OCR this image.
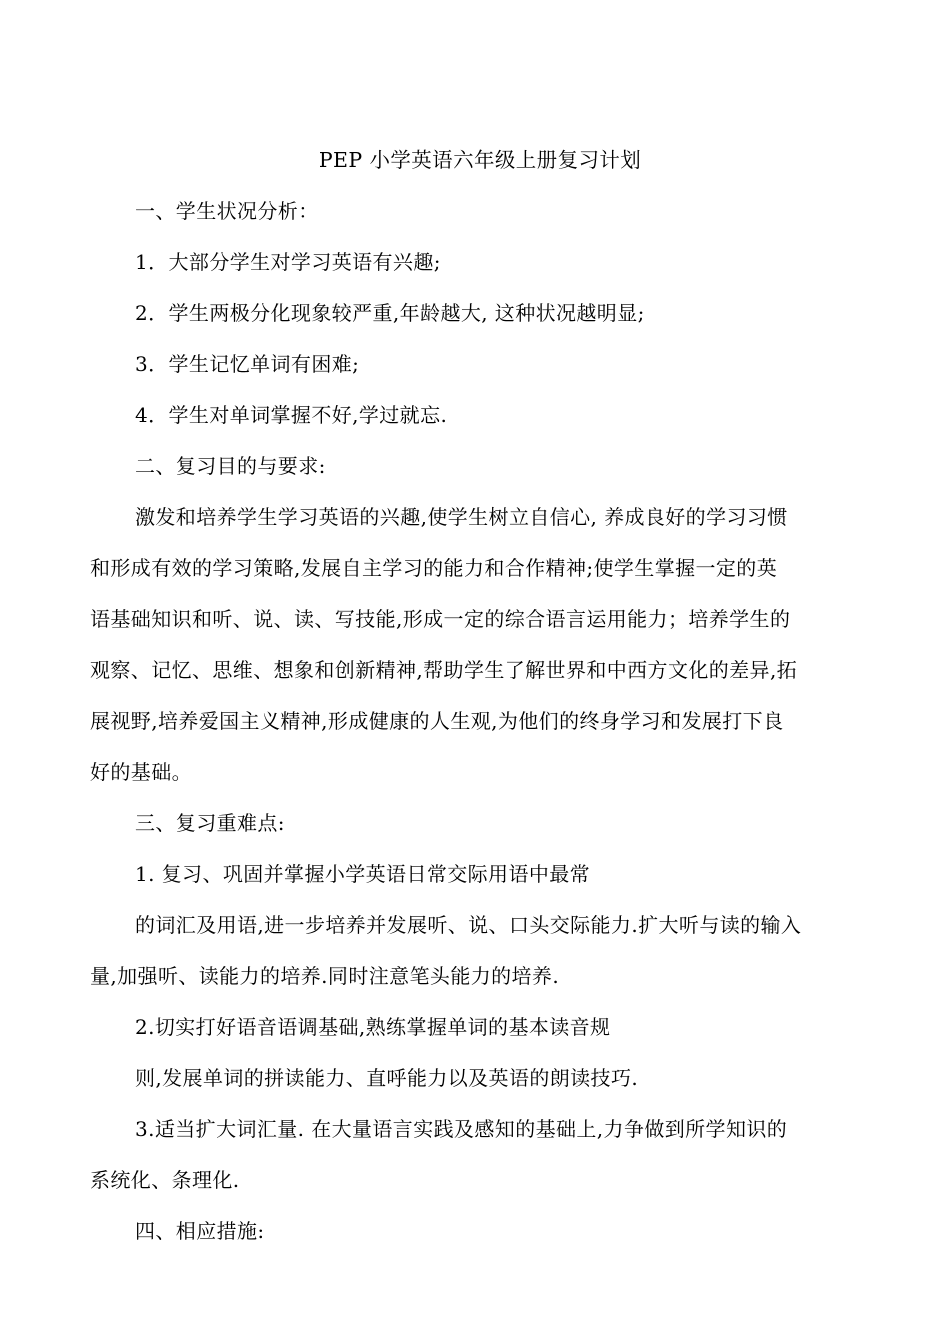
PEP 小学英语六年级上册复习计划

一、学生状况分析：

1．大部分学生对学习英语有兴趣;

2．学生两极分化现象较严重,年龄越大, 这种状况越明显;

3．学生记忆单词有困难;

4．学生对单词掌握不好,学过就忘.

二、复习目的与要求:

激发和培养学生学习英语的兴趣,使学生树立自信心, 养成良好的学习习惯

和形成有效的学习策略,发展自主学习的能力和合作精神;使学生掌握一定的英

语基础知识和听、说、读、写技能,形成一定的综合语言运用能力；培养学生的

观察、记忆、思维、想象和创新精神,帮助学生了解世界和中西方文化的差异,拓

展视野,培养爱国主义精神,形成健康的人生观,为他们的终身学习和发展打下良

好的基础。

三、复习重难点:

1. 复习、巩固并掌握小学英语日常交际用语中最常

的词汇及用语,进一步培养并发展听、说、口头交际能力.扩大听与读的输入

量,加强听、读能力的培养.同时注意笔头能力的培养.

2.切实打好语音语调基础,熟练掌握单词的基本读音规

则,发展单词的拼读能力、直呼能力以及英语的朗读技巧.

3.适当扩大词汇量. 在大量语言实践及感知的基础上,力争做到所学知识的

系统化、条理化.

四、相应措施:
